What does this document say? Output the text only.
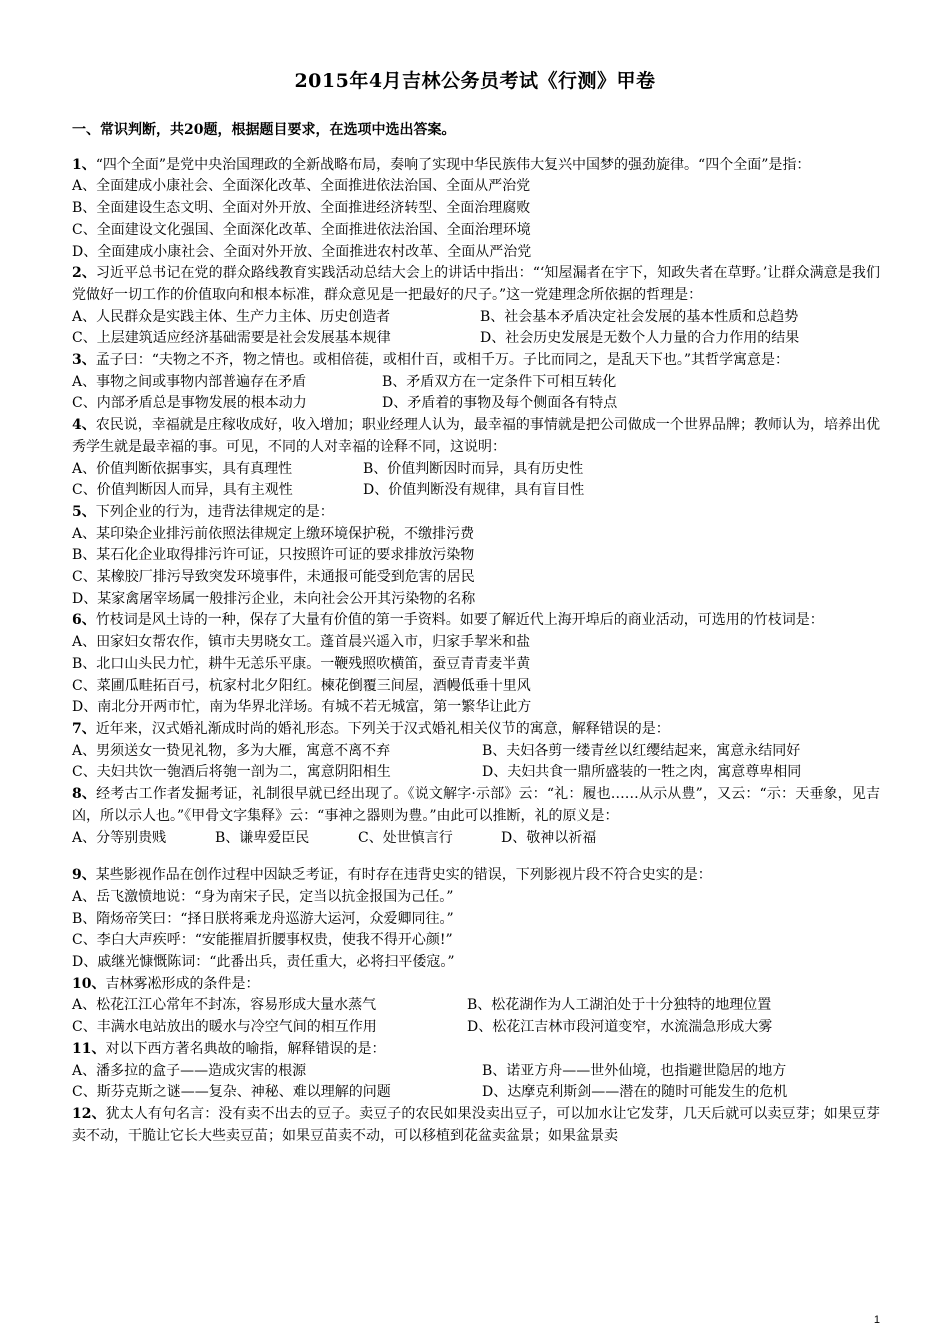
2015年4月吉林公务员考试《行测》甲卷
一、常识判断，共20题，根据题目要求，在选项中选出答案。
1、“四个全面”是党中央治国理政的全新战略布局，奏响了实现中华民族伟大复兴中国梦的强劲旋律。“四个全面”是指：
A、全面建成小康社会、全面深化改革、全面推进依法治国、全面从严治党
B、全面建设生态文明、全面对外开放、全面推进经济转型、全面治理腐败
C、全面建设文化强国、全面深化改革、全面推进依法治国、全面治理环境
D、全面建成小康社会、全面对外开放、全面推进农村改革、全面从严治党
2、习近平总书记在党的群众路线教育实践活动总结大会上的讲话中指出：“‘知屋漏者在宇下，知政失者在草野。’让群众满意是我们党做好一切工作的价值取向和根本标准，群众意见是一把最好的尺子。”这一党建理念所依据的哲理是：
A、人民群众是实践主体、生产力主体、历史创造者	B、社会基本矛盾决定社会发展的基本性质和总趋势
C、上层建筑适应经济基础需要是社会发展基本规律	D、社会历史发展是无数个人力量的合力作用的结果
3、孟子曰：“夫物之不齐，物之情也。或相倍蓰，或相什百，或相千万。子比而同之，是乱天下也。”其哲学寓意是：
A、事物之间或事物内部普遍存在矛盾	B、矛盾双方在一定条件下可相互转化
C、内部矛盾总是事物发展的根本动力	D、矛盾着的事物及每个侧面各有特点
4、农民说，幸福就是庄稼收成好，收入增加；职业经理人认为，最幸福的事情就是把公司做成一个世界品牌；教师认为，培养出优秀学生就是最幸福的事。可见，不同的人对幸福的诠释不同，这说明：
A、价值判断依据事实，具有真理性	B、价值判断因时而异，具有历史性
C、价值判断因人而异，具有主观性	D、价值判断没有规律，具有盲目性
5、下列企业的行为，违背法律规定的是：
A、某印染企业排污前依照法律规定上缴环境保护税，不缴排污费
B、某石化企业取得排污许可证，只按照许可证的要求排放污染物
C、某橡胶厂排污导致突发环境事件，未通报可能受到危害的居民
D、某家禽屠宰场属一般排污企业，未向社会公开其污染物的名称
6、竹枝词是风土诗的一种，保存了大量有价值的第一手资料。如要了解近代上海开埠后的商业活动，可选用的竹枝词是：
A、田家妇女帮农作，镇市夫男晓女工。蓬首晨兴遥入市，归家手挈米和盐
B、北口山头民力忙，耕牛无恙乐平康。一鞭残照吹横笛，蚕豆青青麦半黄
C、菜圃瓜畦拓百弓，杭家村北夕阳红。楝花倒覆三间屋，酒幔低垂十里风
D、南北分开两市忙，南为华界北洋场。有城不若无城富，第一繁华让此方
7、近年来，汉式婚礼渐成时尚的婚礼形态。下列关于汉式婚礼相关仪节的寓意，解释错误的是：
A、男须送女一贽见礼物，多为大雁，寓意不离不弃	B、夫妇各剪一缕青丝以红缨结起来，寓意永结同好
C、夫妇共饮一匏酒后将匏一剖为二，寓意阴阳相生	D、夫妇共食一鼎所盛装的一牲之肉，寓意尊卑相同
8、经考古工作者发掘考证，礼制很早就已经出现了。《说文解字·示部》云：“礼：履也……从示从豊”，又云：“示：天垂象，见吉凶，所以示人也。”《甲骨文字集释》云：“事神之器则为豊。”由此可以推断，礼的原义是：
A、分等别贵贱	B、谦卑爱臣民	C、处世慎言行	D、敬神以祈福
9、某些影视作品在创作过程中因缺乏考证，有时存在违背史实的错误，下列影视片段不符合史实的是：
A、岳飞激愤地说：“身为南宋子民，定当以抗金报国为己任。”
B、隋炀帝笑曰：“择日朕将乘龙舟巡游大运河，众爱卿同往。”
C、李白大声疾呼：“安能摧眉折腰事权贵，使我不得开心颜!”
D、戚继光慷慨陈词：“此番出兵，责任重大，必将扫平倭寇。”
10、吉林雾凇形成的条件是：
A、松花江江心常年不封冻，容易形成大量水蒸气	B、松花湖作为人工湖泊处于十分独特的地理位置
C、丰满水电站放出的暖水与冷空气间的相互作用	D、松花江吉林市段河道变窄，水流湍急形成大雾
11、对以下西方著名典故的喻指，解释错误的是：
A、潘多拉的盒子——造成灾害的根源	B、诺亚方舟——世外仙境，也指避世隐居的地方
C、斯芬克斯之谜——复杂、神秘、难以理解的问题	D、达摩克利斯剑——潜在的随时可能发生的危机
12、犹太人有句名言：没有卖不出去的豆子。卖豆子的农民如果没卖出豆子，可以加水让它发芽，几天后就可以卖豆芽；如果豆芽卖不动，干脆让它长大些卖豆苗；如果豆苗卖不动，可以移植到花盆卖盆景；如果盆景卖
1
